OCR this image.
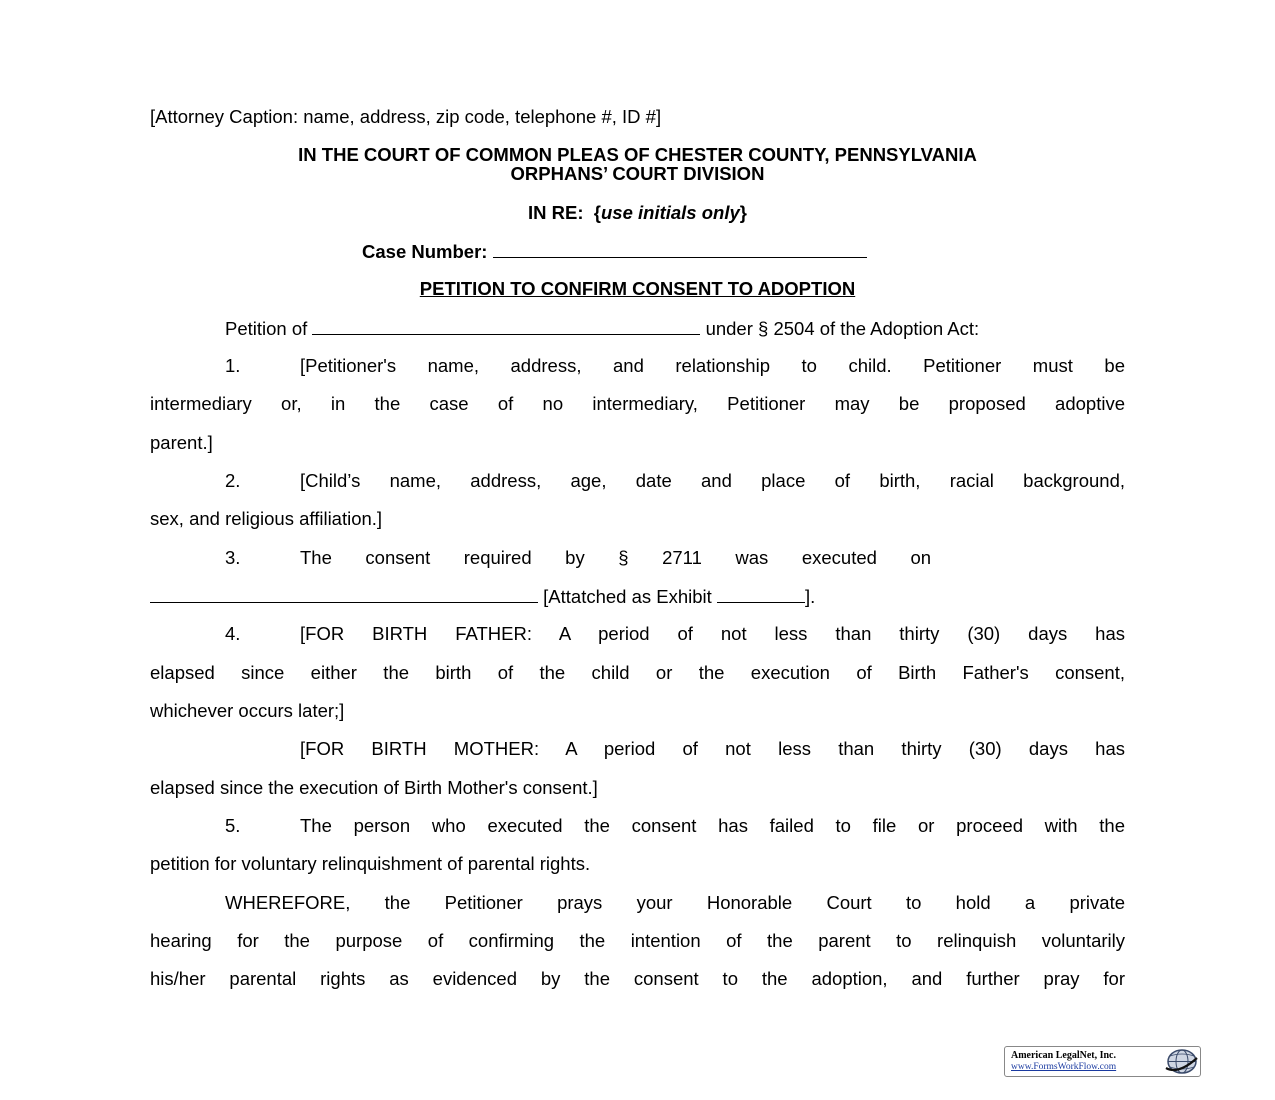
[Attorney Caption: name, address, zip code, telephone #, ID #]
IN THE COURT OF COMMON PLEAS OF CHESTER COUNTY, PENNSYLVANIA
ORPHANS’ COURT DIVISION
IN RE:  {use initials only}
Case Number:
PETITION TO CONFIRM CONSENT TO ADOPTION
Petition of	under § 2504 of the Adoption Act:
1.	[Petitioner's name, address, and relationship to child. Petitioner must be
intermediary or, in the case of no intermediary, Petitioner may be proposed adoptive
parent.]
2.	[Child’s name, address, age, date and place of birth, racial background,
sex, and religious affiliation.]
3.	The consent required by § 2711 was executed on
[Attatched as Exhibit	].
4.	[FOR BIRTH FATHER: A period of not less than thirty (30) days has
elapsed since either the birth of the child or the execution of Birth Father's consent,
whichever occurs later;]
[FOR BIRTH MOTHER: A period of not less than thirty (30) days has
elapsed since the execution of Birth Mother's consent.]
5.	The person who executed the consent has failed to file or proceed with the
petition for voluntary relinquishment of parental rights.
WHEREFORE, the Petitioner prays your Honorable Court to hold a private
hearing for the purpose of confirming the intention of the parent to relinquish voluntarily
his/her parental rights as evidenced by the consent to the adoption, and further pray for
American LegalNet, Inc.
www.FormsWorkFlow.com
